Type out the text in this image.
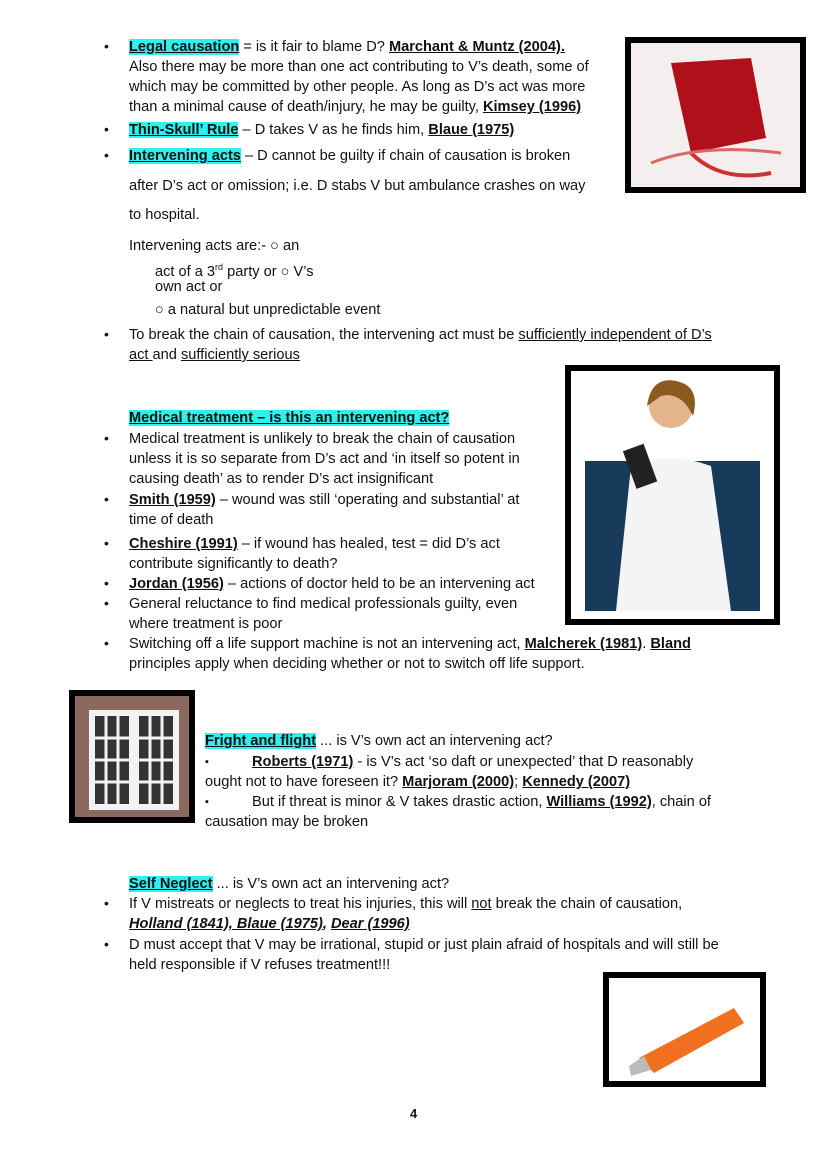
• Legal causation = is it fair to blame D? Marchant & Muntz (2004).
Also there may be more than one act contributing to V’s death, some of
which may be committed by other people. As long as D’s act was more
than a minimal cause of death/injury, he may be guilty, Kimsey (1996)
• Thin-Skull’ Rule – D takes V as he finds him, Blaue (1975)
• Intervening acts – D cannot be guilty if chain of causation is broken
after D’s act or omission; i.e. D stabs V but ambulance crashes on way
to hospital.
Intervening acts are:- ○ an
act of a 3rd party or ○ V’s
own act or
○ a natural but unpredictable event
• To break the chain of causation, the intervening act must be sufficiently independent of D’s
act and sufficiently serious
Medical treatment – is this an intervening act?
• Medical treatment is unlikely to break the chain of causation
unless it is so separate from D’s act and ‘in itself so potent in
causing death’ as to render D’s act insignificant
• Smith (1959) – wound was still ‘operating and substantial’ at
time of death
• Cheshire (1991) – if wound has healed, test = did D’s act
contribute significantly to death?
• Jordan (1956) – actions of doctor held to be an intervening act
• General reluctance to find medical professionals guilty, even
where treatment is poor
• Switching off a life support machine is not an intervening act, Malcherek (1981). Bland
principles apply when deciding whether or not to switch off life support.
Fright and flight ... is V’s own act an intervening act?
▪	Roberts (1971) - is V’s act ‘so daft or unexpected’ that D reasonably
ought not to have foreseen it? Marjoram (2000); Kennedy (2007)
▪	But if threat is minor & V takes drastic action, Williams (1992), chain of
causation may be broken
Self Neglect ... is V’s own act an intervening act?
• If V mistreats or neglects to treat his injuries, this will not break the chain of causation,
Holland (1841), Blaue (1975), Dear (1996)
• D must accept that V may be irrational, stupid or just plain afraid of hospitals and will still be
held responsible if V refuses treatment!!!
4
